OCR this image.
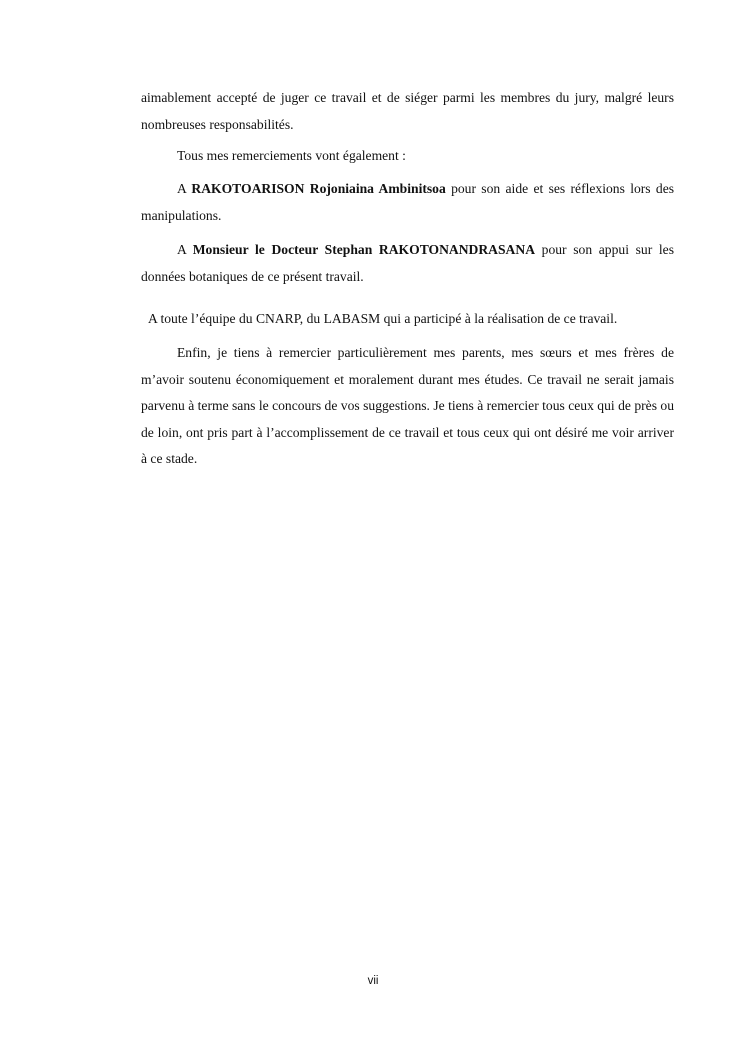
aimablement accepté de juger ce travail et de siéger parmi les membres du jury, malgré leurs nombreuses responsabilités.

Tous mes remerciements vont également :

A RAKOTOARISON Rojoniaina Ambinitsoa pour son aide et ses réflexions lors des manipulations.

A Monsieur le Docteur Stephan RAKOTONANDRASANA pour son appui sur les données botaniques de ce présent travail.

A toute l’équipe du CNARP, du LABASM qui a participé à la réalisation de ce travail.

Enfin, je tiens à remercier particulièrement mes parents, mes sœurs et mes frères de m’avoir soutenu économiquement et moralement durant mes études. Ce travail ne serait jamais parvenu à terme sans le concours de vos suggestions. Je tiens à remercier tous ceux qui de près ou de loin, ont pris part à l’accomplissement de ce travail et tous ceux qui ont désiré me voir arriver à ce stade.

vii
